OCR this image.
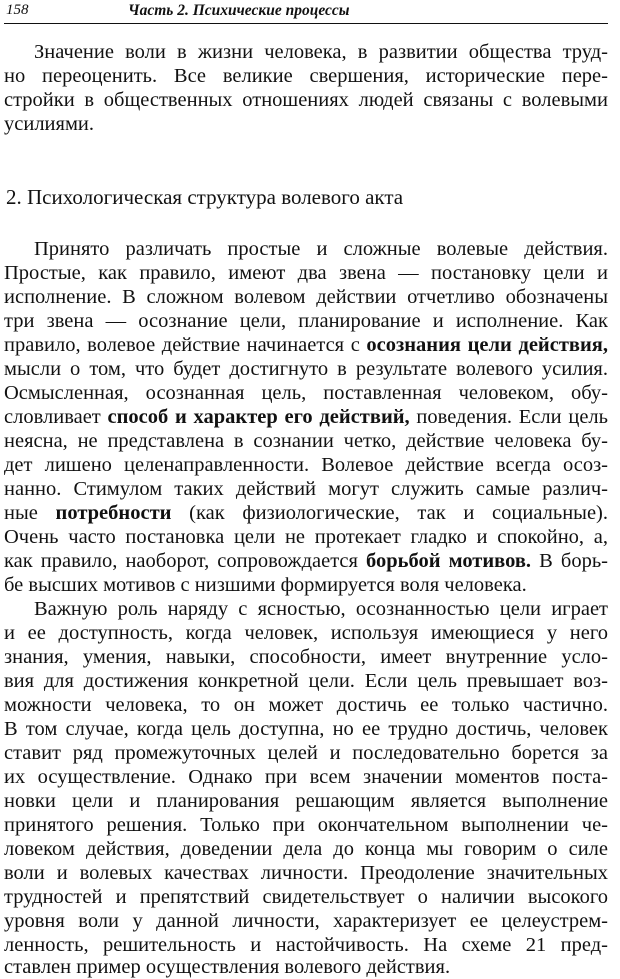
158	Часть 2. Психические процессы
2. Психологическая структура волевого акта
Значение воли в жизни человека, в развитии общества труд-
но переоценить. Все великие свершения, исторические пере-
стройки в общественных отношениях людей связаны с волевыми
усилиями.
Принято различать простые и сложные волевые действия.
Простые, как правило, имеют два звена — постановку цели и
исполнение. В сложном волевом действии отчетливо обозначены
три звена — осознание цели, планирование и исполнение. Как
правило, волевое действие начинается с осознания цели действия,
мысли о том, что будет достигнуто в результате волевого усилия.
Осмысленная, осознанная цель, поставленная человеком, обу-
словливает способ и характер его действий, поведения. Если цель
неясна, не представлена в сознании четко, действие человека бу-
дет лишено целенаправленности. Волевое действие всегда осоз-
нанно. Стимулом таких действий могут служить самые различ-
ные потребности (как физиологические, так и социальные).
Очень часто постановка цели не протекает гладко и спокойно, а,
как правило, наоборот, сопровождается борьбой мотивов. В борь-
бе высших мотивов с низшими формируется воля человека.
Важную роль наряду с ясностью, осознанностью цели играет
и ее доступность, когда человек, используя имеющиеся у него
знания, умения, навыки, способности, имеет внутренние усло-
вия для достижения конкретной цели. Если цель превышает воз-
можности человека, то он может достичь ее только частично.
В том случае, когда цель доступна, но ее трудно достичь, человек
ставит ряд промежуточных целей и последовательно борется за
их осуществление. Однако при всем значении моментов поста-
новки цели и планирования решающим является выполнение
принятого решения. Только при окончательном выполнении че-
ловеком действия, доведении дела до конца мы говорим о силе
воли и волевых качествах личности. Преодоление значительных
трудностей и препятствий свидетельствует о наличии высокого
уровня воли у данной личности, характеризует ее целеустрем-
ленность, решительность и настойчивость. На схеме 21 пред-
ставлен пример осуществления волевого действия.
